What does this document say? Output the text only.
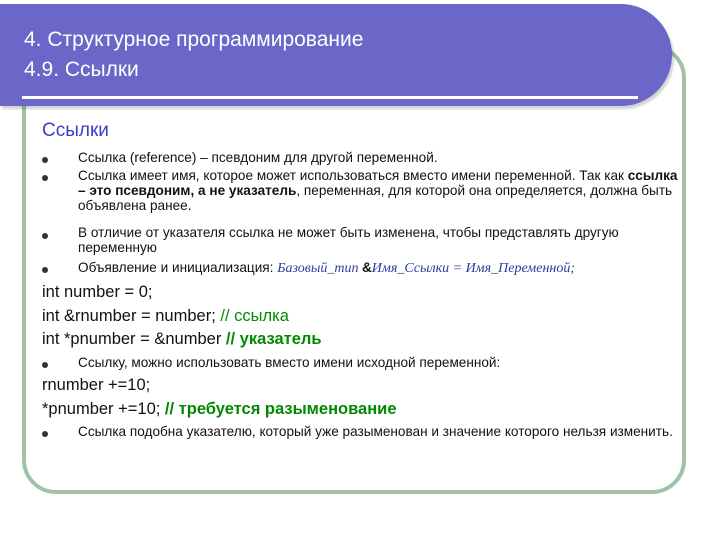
4. Структурное программирование
4.9. Ссылки
Ссылки
Ссылка (reference) – псевдоним для другой переменной.
Ссылка имеет имя, которое может использоваться вместо имени переменной. Так как ссылка – это псевдоним, а не указатель, переменная, для которой она определяется, должна быть объявлена ранее.
В отличие от указателя ссылка не может быть изменена, чтобы представлять другую переменную
Объявление и инициализация: Базовый_тип &Имя_Ссылки = Имя_Переменной;
int number = 0;
int &rnumber = number; // ссылка
int *pnumber = &number // указатель
Ссылку, можно использовать вместо имени исходной переменной:
rnumber +=10;
*pnumber +=10; // требуется разыменование
Ссылка подобна указателю, который уже разыменован и значение которого нельзя изменить.
